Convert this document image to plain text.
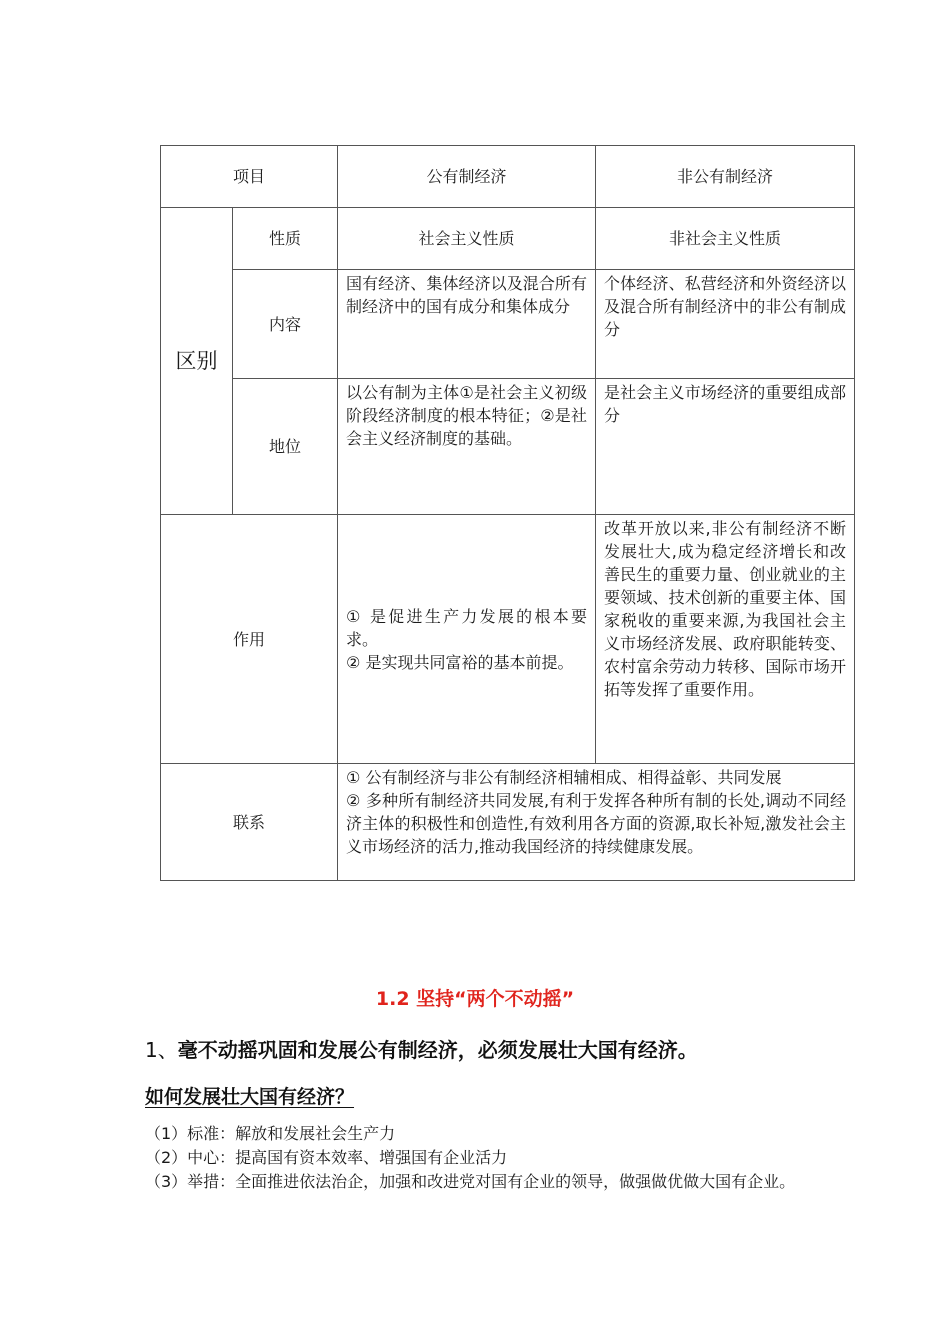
项目		公有制经济	非公有制经济
区别	性质	社会主义性质	非社会主义性质
	内容	国有经济、集体经济以及混合所有制经济中的国有成分和集体成分	个体经济、私营经济和外资经济以及混合所有制经济中的非公有制成分

	地位	以公有制为主体①是社会主义初级阶段经济制度的根本特征；②是社会主义经济制度的基础。	是社会主义市场经济的重要组成部分

作用		① 是促进生产力发展的根本要求。
② 是实现共同富裕的基本前提。	改革开放以来,非公有制经济不断发展壮大,成为稳定经济增长和改善民生的重要力量、创业就业的主要领域、技术创新的重要主体、国家税收的重要来源,为我国社会主义市场经济发展、政府职能转变、农村富余劳动力转移、国际市场开拓等发挥了重要作用。

联系		① 公有制经济与非公有制经济相辅相成、相得益彰、共同发展
② 多种所有制经济共同发展,有利于发挥各种所有制的长处,调动不同经济主体的积极性和创造性,有效利用各方面的资源,取长补短,激发社会主义市场经济的活力,推动我国经济的持续健康发展。	
1.2 坚持“两个不动摇”
1、毫不动摇巩固和发展公有制经济，必须发展壮大国有经济。
如何发展壮大国有经济？
（1）标准：解放和发展社会生产力
（2）中心：提高国有资本效率、增强国有企业活力
（3）举措：全面推进依法治企，加强和改进党对国有企业的领导，做强做优做大国有企业。
